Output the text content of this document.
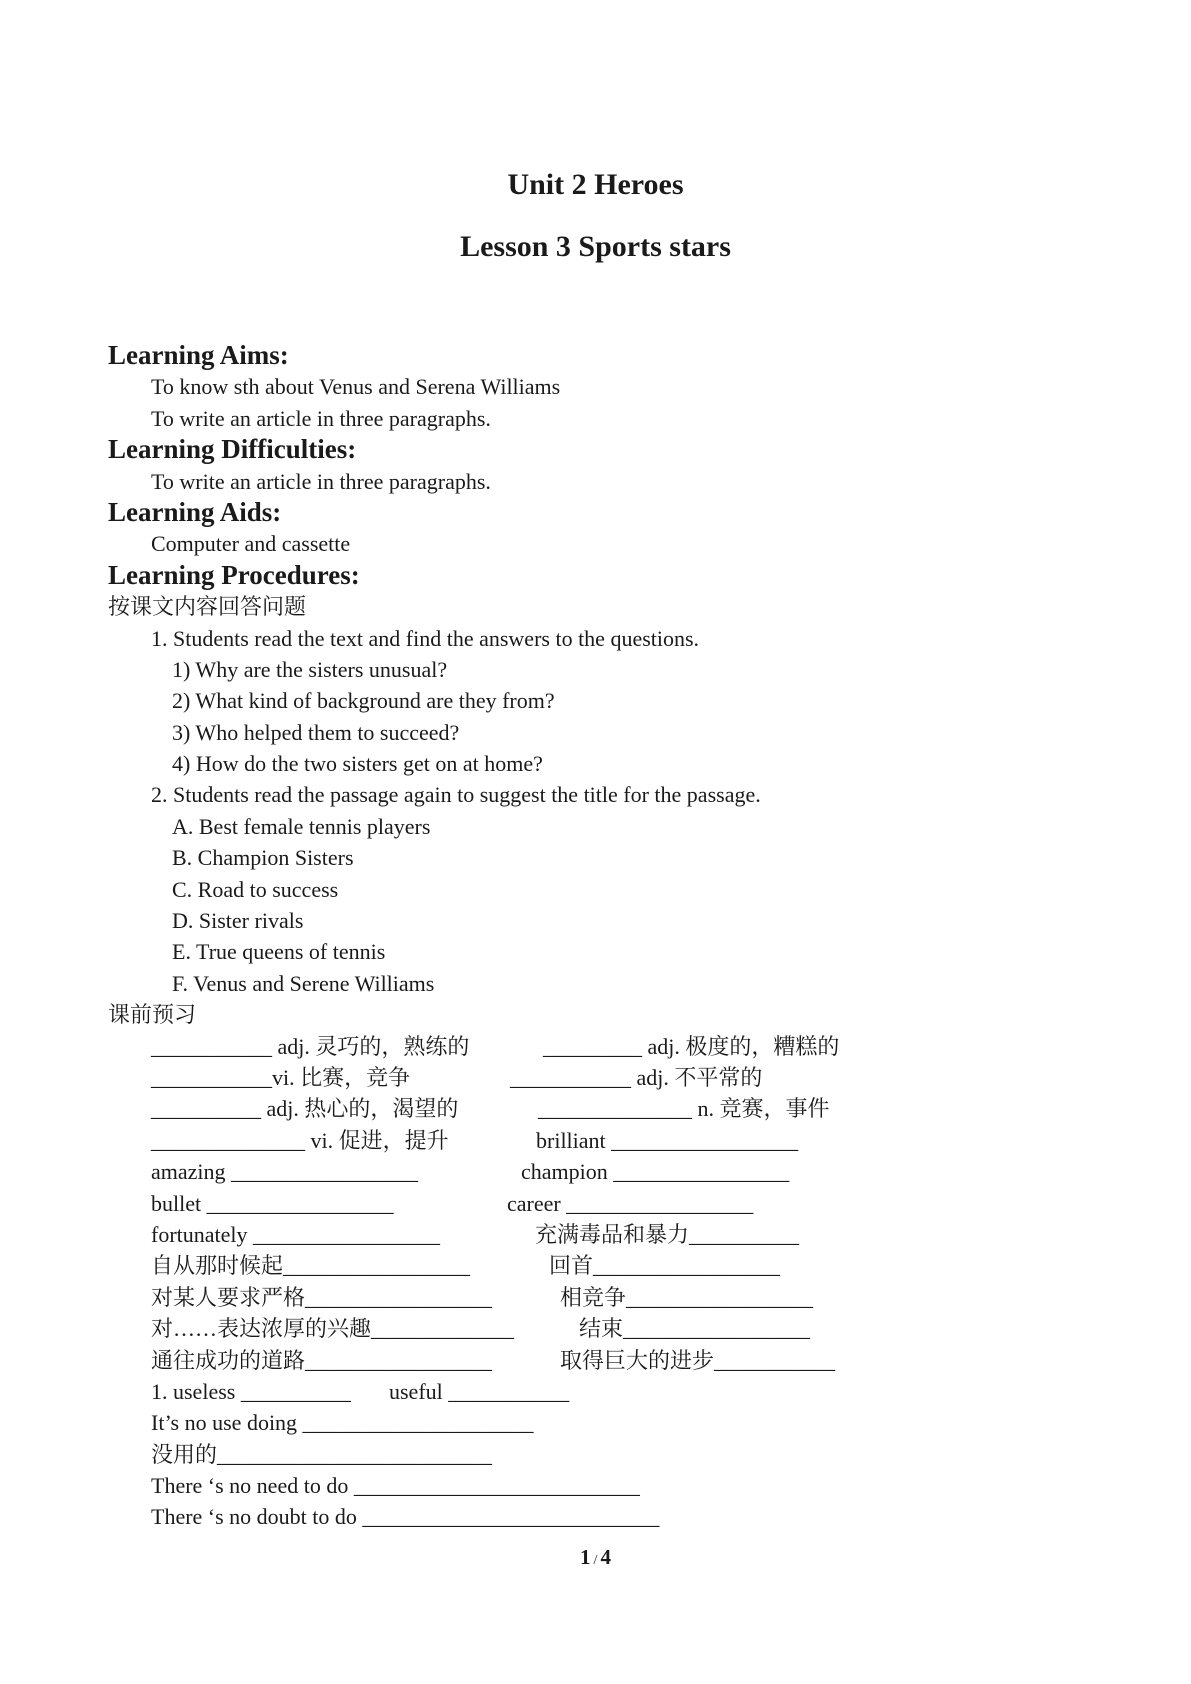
Unit 2 Heroes
Lesson 3 Sports stars
Learning Aims:
To know sth about Venus and Serena Williams
To write an article in three paragraphs.
Learning Difficulties:
To write an article in three paragraphs.
Learning Aids:
Computer and cassette
Learning Procedures:
按课文内容回答问题
1. Students read the text and find the answers to the questions.
1) Why are the sisters unusual?
2) What kind of background are they from?
3) Who helped them to succeed?
4) How do the two sisters get on at home?
2. Students read the passage again to suggest the title for the passage.
A. Best female tennis players
B. Champion Sisters
C. Road to success
D. Sister rivals
E. True queens of tennis
F. Venus and Serene Williams
课前预习
___________ adj. 灵巧的，熟练的	_________ adj. 极度的，糟糕的
___________vi. 比赛，竞争	___________ adj. 不平常的
__________ adj. 热心的，渴望的	______________ n. 竞赛，事件
______________ vi. 促进，提升	brilliant _________________
amazing _________________	champion ________________
bullet _________________	career _________________
fortunately _________________	充满毒品和暴力__________
自从那时候起_________________	回首_________________
对某人要求严格_________________	相竞争_________________
对……表达浓厚的兴趣_____________	结束_________________
通往成功的道路_________________	取得巨大的进步___________
1. useless __________ useful ___________
It’s no use doing _____________________
没用的_________________________
There ‘s no need to do __________________________
There ‘s no doubt to do ___________________________
1 / 4
